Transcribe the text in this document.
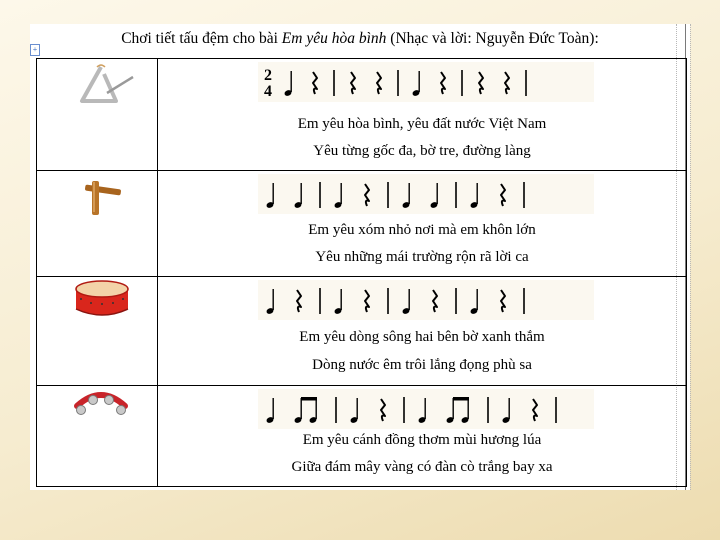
+
Chơi tiết tấu đệm cho bài Em yêu hòa bình (Nhạc và lời: Nguyễn Đức Toàn):
2
4
Em yêu hòa bình, yêu đất nước Việt Nam
Yêu từng gốc đa, bờ tre, đường làng
Em yêu xóm nhỏ nơi mà em khôn lớn
Yêu những mái trường rộn rã lời ca
Em yêu dòng sông hai bên bờ xanh thắm
Dòng nước êm trôi lắng đọng phù sa
Em yêu cánh đồng thơm mùi hương lúa
Giữa đám mây vàng có đàn cò trắng bay xa
